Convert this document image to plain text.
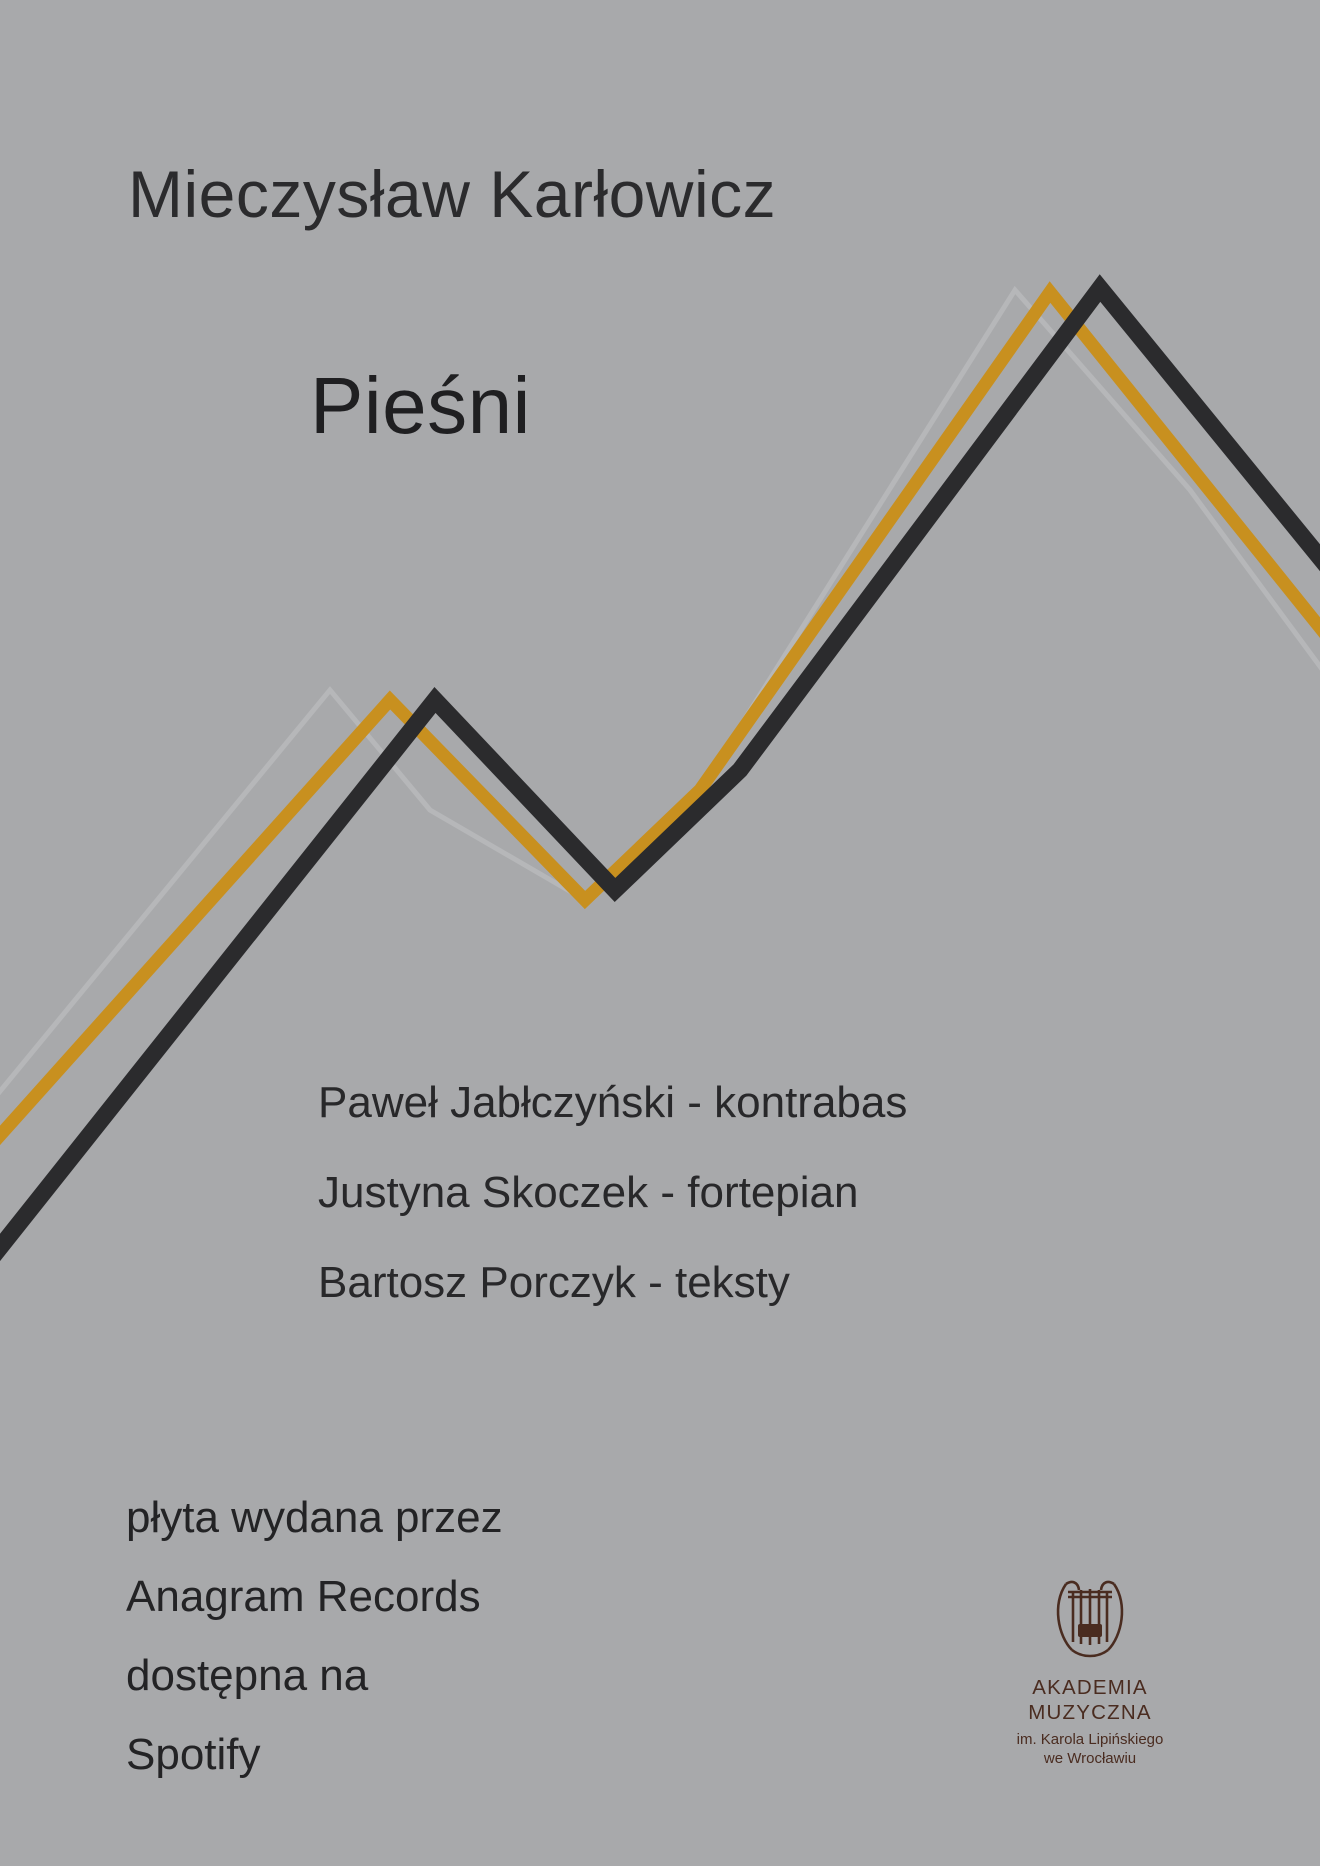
Mieczysław Karłowicz
Pieśni
Paweł Jabłczyński - kontrabas
Justyna Skoczek - fortepian
Bartosz Porczyk - teksty
płyta wydana przez
Anagram Records
dostępna na
Spotify
AKADEMIA MUZYCZNA
im. Karola Lipińskiego
we Wrocławiu
